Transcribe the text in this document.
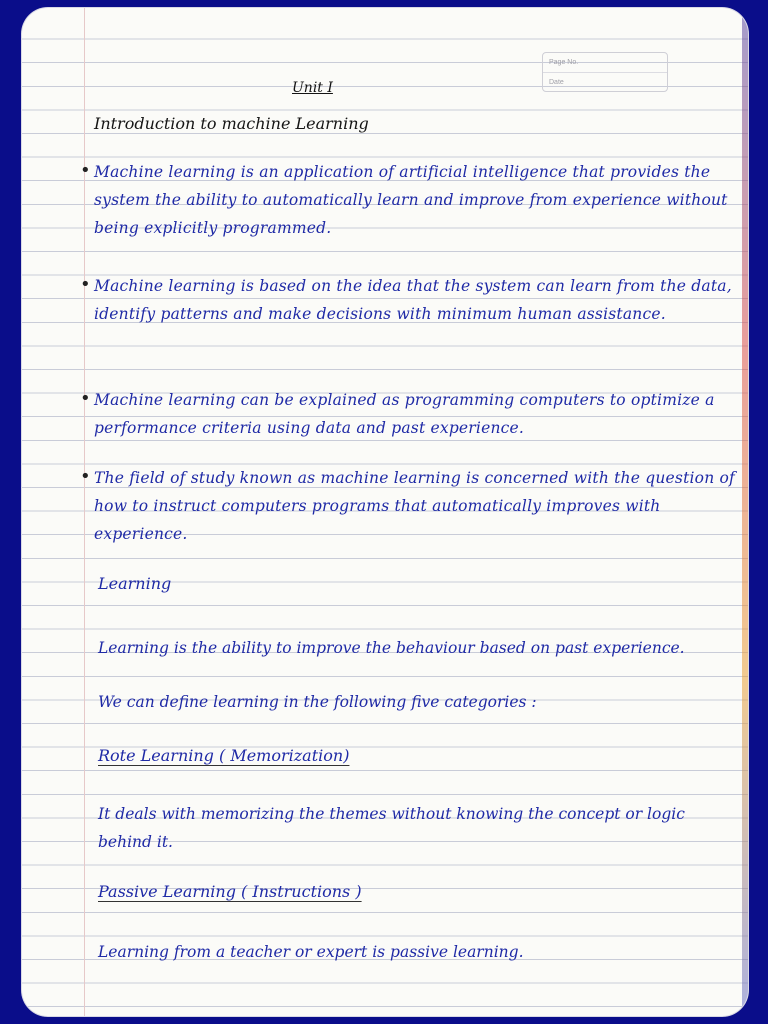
Page No.
Date
Unit I
Introduction to machine Learning
• Machine learning is an application of artificial intelligence that provides the system the ability to automatically learn and improve from experience without being explicitly programmed.
• Machine learning is based on the idea that the system can learn from the data, identify patterns and make decisions with minimum human assistance.
• Machine learning can be explained as programming computers to optimize a performance criteria using data and past experience.
• The field of study known as machine learning is concerned with the question of how to instruct computers programs that automatically improves with experience.
Learning
Learning is the ability to improve the behaviour based on past experience.
We can define learning in the following five categories :
Rote Learning ( Memorization)
It deals with memorizing the themes without knowing the concept or logic behind it.
Passive Learning ( Instructions )
Learning from a teacher or expert is passive learning.
